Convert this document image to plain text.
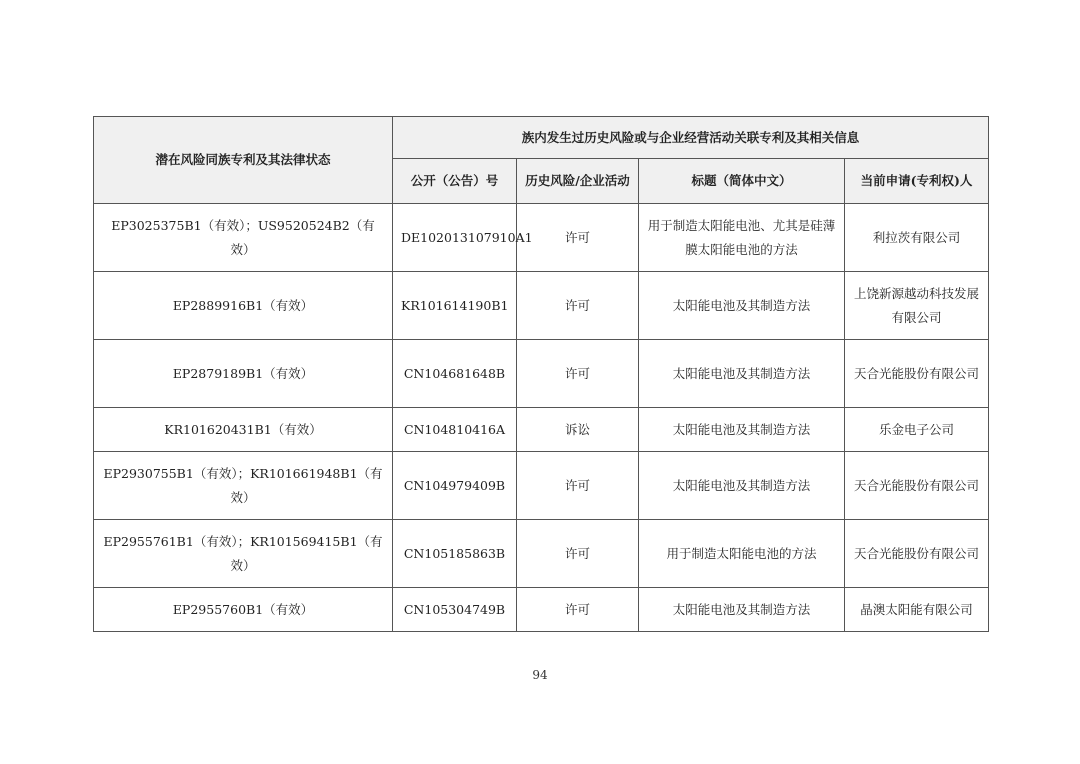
潜在风险同族专利及其法律状态	族内发生过历史风险或与企业经营活动关联专利及其相关信息			
	公开（公告）号	历史风险/企业活动	标题（简体中文）	当前申请(专利权)人
EP3025375B1（有效）；US9520524B2（有效）	DE102013107910A1	许可	用于制造太阳能电池、尤其是硅薄膜太阳能电池的方法	利拉茨有限公司
EP2889916B1（有效）	KR101614190B1	许可	太阳能电池及其制造方法	上饶新源越动科技发展有限公司
EP2879189B1（有效）	CN104681648B	许可	太阳能电池及其制造方法	天合光能股份有限公司
KR101620431B1（有效）	CN104810416A	诉讼	太阳能电池及其制造方法	乐金电子公司
EP2930755B1（有效）；KR101661948B1（有效）	CN104979409B	许可	太阳能电池及其制造方法	天合光能股份有限公司
EP2955761B1（有效）；KR101569415B1（有效）	CN105185863B	许可	用于制造太阳能电池的方法	天合光能股份有限公司
EP2955760B1（有效）	CN105304749B	许可	太阳能电池及其制造方法	晶澳太阳能有限公司
94
